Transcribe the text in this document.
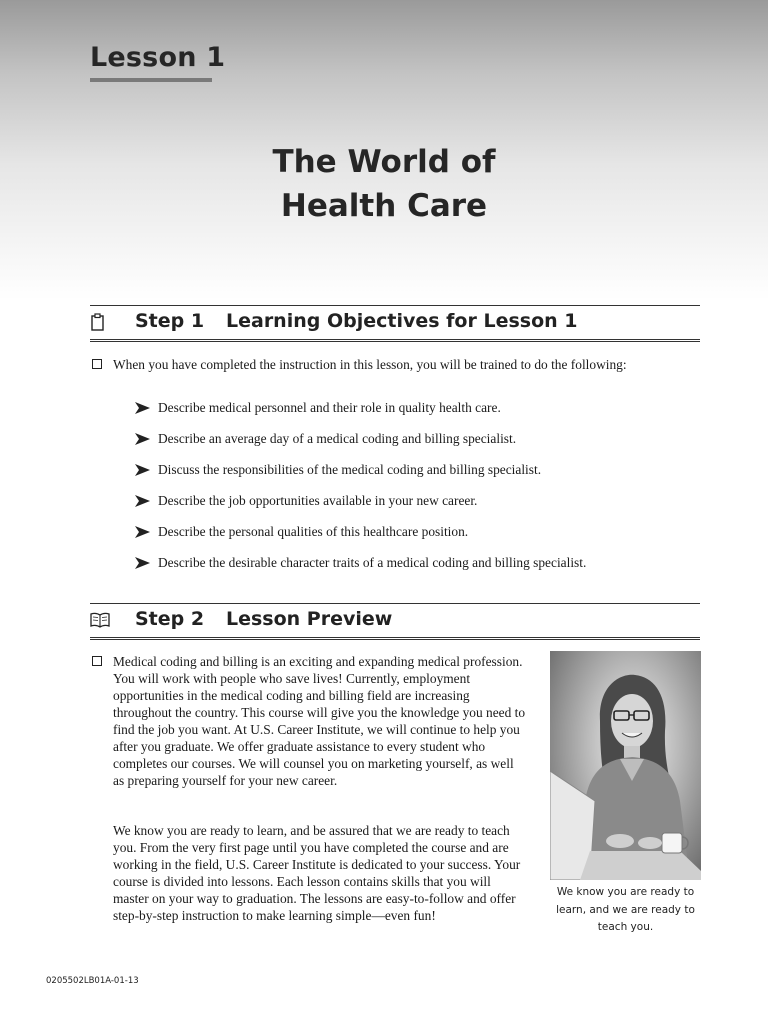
Lesson 1
The World of
Health Care
Step 1 Learning Objectives for Lesson 1
When you have completed the instruction in this lesson, you will be trained to do the following:
Describe medical personnel and their role in quality health care.
Describe an average day of a medical coding and billing specialist.
Discuss the responsibilities of the medical coding and billing specialist.
Describe the job opportunities available in your new career.
Describe the personal qualities of this healthcare position.
Describe the desirable character traits of a medical coding and billing specialist.
Step 2 Lesson Preview
Medical coding and billing is an exciting and expanding medical profession. You will work with people who save lives! Currently, employment opportunities in the medical coding and billing field are increasing throughout the country. This course will give you the knowledge you need to find the job you want. At U.S. Career Institute, we will continue to help you after you graduate. We offer graduate assistance to every student who completes our courses. We will counsel you on marketing yourself, as well as preparing yourself for your new career.
We know you are ready to learn, and be assured that we are ready to teach you. From the very first page until you have completed the course and are working in the field, U.S. Career Institute is dedicated to your success. Your course is divided into lessons. Each lesson contains skills that you will master on your way to graduation. The lessons are easy-to-follow and offer step-by-step instruction to make learning simple—even fun!
We know you are ready to learn, and we are ready to teach you.
0205502LB01A-01-13
